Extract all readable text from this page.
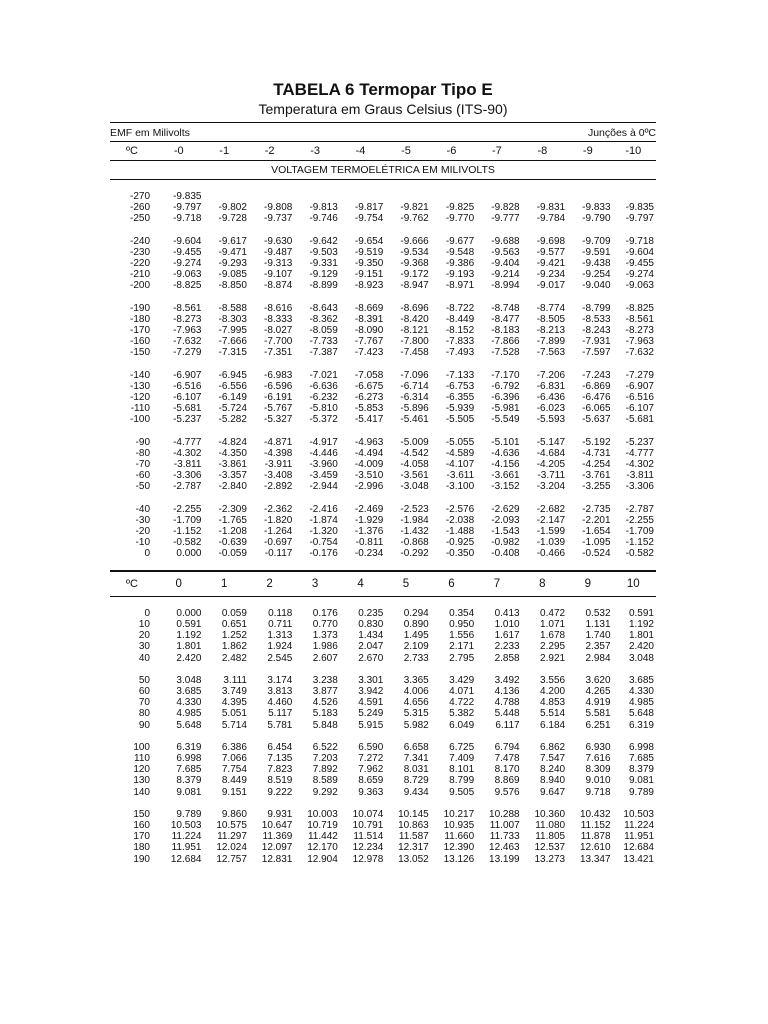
TABELA 6 Termopar Tipo E

Temperatura em Graus Celsius (ITS-90)

EMF em Milivolts	Junções à 0ºC
ºC	-0	-1	-2	-3	-4	-5	-6	-7	-8	-9	-10
VOLTAGEM TERMOELÉTRICA EM MILIVOLTS											

-270	-9.835										
-260	-9.797	-9.802	-9.808	-9.813	-9.817	-9.821	-9.825	-9.828	-9.831	-9.833	-9.835
-250	-9.718	-9.728	-9.737	-9.746	-9.754	-9.762	-9.770	-9.777	-9.784	-9.790	-9.797

-240	-9.604	-9.617	-9.630	-9.642	-9.654	-9.666	-9.677	-9.688	-9.698	-9.709	-9.718
-230	-9.455	-9.471	-9.487	-9.503	-9.519	-9.534	-9.548	-9.563	-9.577	-9.591	-9.604
-220	-9.274	-9.293	-9.313	-9.331	-9.350	-9.368	-9.386	-9.404	-9.421	-9.438	-9.455
-210	-9.063	-9.085	-9.107	-9.129	-9.151	-9.172	-9.193	-9.214	-9.234	-9.254	-9.274
-200	-8.825	-8.850	-8.874	-8.899	-8.923	-8.947	-8.971	-8.994	-9.017	-9.040	-9.063

-190	-8.561	-8.588	-8.616	-8.643	-8.669	-8.696	-8.722	-8.748	-8.774	-8.799	-8.825
-180	-8.273	-8.303	-8.333	-8.362	-8.391	-8.420	-8.449	-8.477	-8.505	-8.533	-8.561
-170	-7.963	-7.995	-8.027	-8.059	-8.090	-8.121	-8.152	-8.183	-8.213	-8.243	-8.273
-160	-7.632	-7.666	-7.700	-7.733	-7.767	-7.800	-7.833	-7.866	-7.899	-7.931	-7.963
-150	-7.279	-7.315	-7.351	-7.387	-7.423	-7.458	-7.493	-7.528	-7.563	-7.597	-7.632

-140	-6.907	-6.945	-6.983	-7.021	-7.058	-7.096	-7.133	-7.170	-7.206	-7.243	-7.279
-130	-6.516	-6.556	-6.596	-6.636	-6.675	-6.714	-6.753	-6.792	-6.831	-6.869	-6.907
-120	-6.107	-6.149	-6.191	-6.232	-6.273	-6.314	-6.355	-6.396	-6.436	-6.476	-6.516
-110	-5.681	-5.724	-5.767	-5.810	-5.853	-5.896	-5.939	-5.981	-6.023	-6.065	-6.107
-100	-5.237	-5.282	-5.327	-5.372	-5.417	-5.461	-5.505	-5.549	-5.593	-5.637	-5.681

-90	-4.777	-4.824	-4.871	-4.917	-4.963	-5.009	-5.055	-5.101	-5.147	-5.192	-5.237
-80	-4.302	-4.350	-4.398	-4.446	-4.494	-4.542	-4.589	-4.636	-4.684	-4.731	-4.777
-70	-3.811	-3.861	-3.911	-3.960	-4.009	-4.058	-4.107	-4.156	-4.205	-4.254	-4.302
-60	-3.306	-3.357	-3.408	-3.459	-3.510	-3.561	-3.611	-3.661	-3.711	-3.761	-3.811
-50	-2.787	-2.840	-2.892	-2.944	-2.996	-3.048	-3.100	-3.152	-3.204	-3.255	-3.306

-40	-2.255	-2.309	-2.362	-2.416	-2.469	-2.523	-2.576	-2.629	-2.682	-2.735	-2.787
-30	-1.709	-1.765	-1.820	-1.874	-1.929	-1.984	-2.038	-2.093	-2.147	-2.201	-2.255
-20	-1.152	-1.208	-1.264	-1.320	-1.376	-1.432	-1.488	-1.543	-1.599	-1.654	-1.709
-10	-0.582	-0.639	-0.697	-0.754	-0.811	-0.868	-0.925	-0.982	-1.039	-1.095	-1.152
0	0.000	-0.059	-0.117	-0.176	-0.234	-0.292	-0.350	-0.408	-0.466	-0.524	-0.582
ºC	0	1	2	3	4	5	6	7	8	9	10

0	0.000	0.059	0.118	0.176	0.235	0.294	0.354	0.413	0.472	0.532	0.591
10	0.591	0.651	0.711	0.770	0.830	0.890	0.950	1.010	1.071	1.131	1.192
20	1.192	1.252	1.313	1.373	1.434	1.495	1.556	1.617	1.678	1.740	1.801
30	1.801	1.862	1.924	1.986	2.047	2.109	2.171	2.233	2.295	2.357	2.420
40	2.420	2.482	2.545	2.607	2.670	2.733	2.795	2.858	2.921	2.984	3.048

50	3.048	3.111	3.174	3.238	3.301	3.365	3.429	3.492	3.556	3.620	3.685
60	3.685	3.749	3.813	3.877	3.942	4.006	4.071	4.136	4.200	4.265	4.330
70	4.330	4.395	4.460	4.526	4.591	4.656	4.722	4.788	4.853	4.919	4.985
80	4.985	5.051	5.117	5.183	5.249	5.315	5.382	5.448	5.514	5.581	5.648
90	5.648	5.714	5.781	5.848	5.915	5.982	6.049	6.117	6.184	6.251	6.319

100	6.319	6.386	6.454	6.522	6.590	6.658	6.725	6.794	6.862	6.930	6.998
110	6.998	7.066	7.135	7.203	7.272	7.341	7.409	7.478	7.547	7.616	7.685
120	7.685	7.754	7.823	7.892	7.962	8.031	8.101	8.170	8.240	8.309	8.379
130	8.379	8.449	8.519	8.589	8.659	8.729	8.799	8.869	8.940	9.010	9.081
140	9.081	9.151	9.222	9.292	9.363	9.434	9.505	9.576	9.647	9.718	9.789

150	9.789	9.860	9.931	10.003	10.074	10.145	10.217	10.288	10.360	10.432	10.503
160	10.503	10.575	10.647	10.719	10.791	10.863	10.935	11.007	11.080	11.152	11.224
170	11.224	11.297	11.369	11.442	11.514	11.587	11.660	11.733	11.805	11.878	11.951
180	11.951	12.024	12.097	12.170	12.234	12.317	12.390	12.463	12.537	12.610	12.684
190	12.684	12.757	12.831	12.904	12.978	13.052	13.126	13.199	13.273	13.347	13.421
